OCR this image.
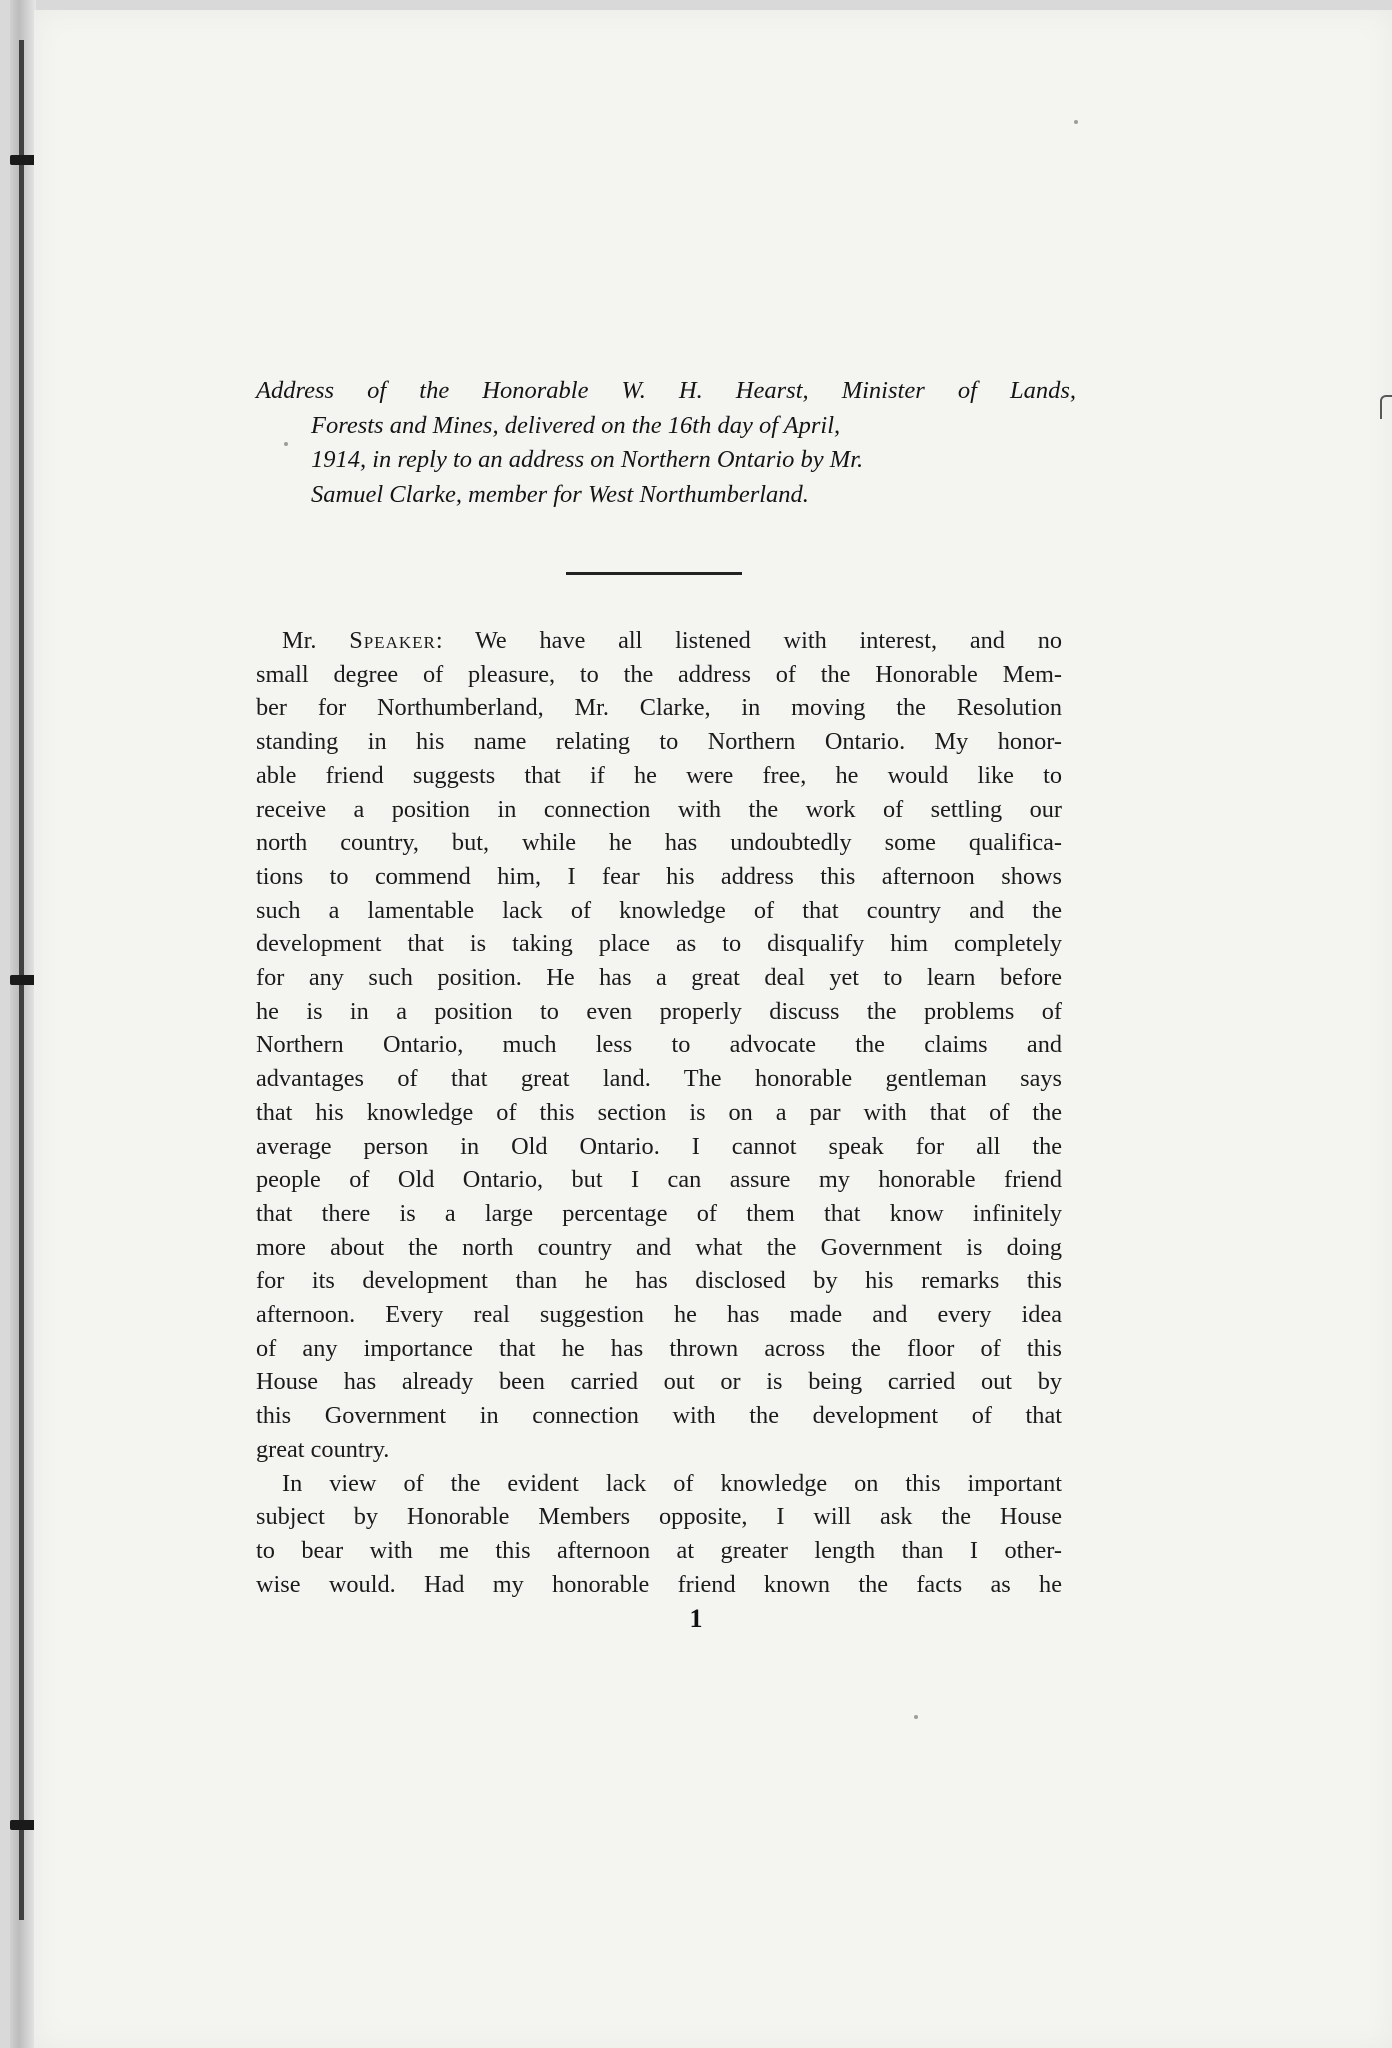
Address of the Honorable W. H. Hearst, Minister of Lands,
Forests and Mines, delivered on the 16th day of April,
1914, in reply to an address on Northern Ontario by Mr.
Samuel Clarke, member for West Northumberland.
Mr. Speaker: We have all listened with interest, and no
small degree of pleasure, to the address of the Honorable Mem-
ber for Northumberland, Mr. Clarke, in moving the Resolution
standing in his name relating to Northern Ontario. My honor-
able friend suggests that if he were free, he would like to
receive a position in connection with the work of settling our
north country, but, while he has undoubtedly some qualifica-
tions to commend him, I fear his address this afternoon shows
such a lamentable lack of knowledge of that country and the
development that is taking place as to disqualify him completely
for any such position. He has a great deal yet to learn before
he is in a position to even properly discuss the problems of
Northern Ontario, much less to advocate the claims and
advantages of that great land. The honorable gentleman says
that his knowledge of this section is on a par with that of the
average person in Old Ontario. I cannot speak for all the
people of Old Ontario, but I can assure my honorable friend
that there is a large percentage of them that know infinitely
more about the north country and what the Government is doing
for its development than he has disclosed by his remarks this
afternoon. Every real suggestion he has made and every idea
of any importance that he has thrown across the floor of this
House has already been carried out or is being carried out by
this Government in connection with the development of that
great country.
In view of the evident lack of knowledge on this important
subject by Honorable Members opposite, I will ask the House
to bear with me this afternoon at greater length than I other-
wise would. Had my honorable friend known the facts as he
1
